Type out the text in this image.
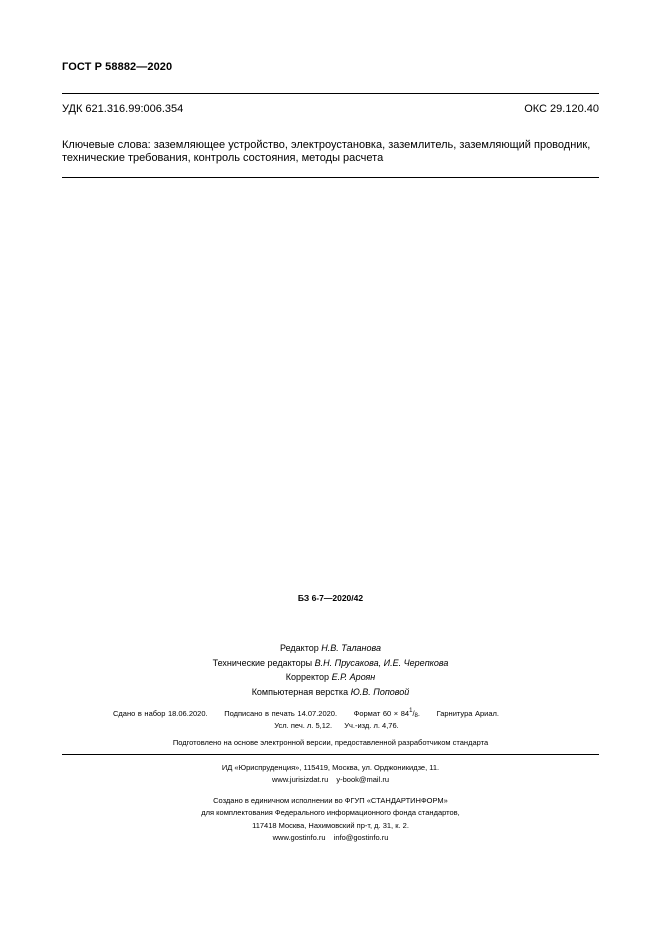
ГОСТ Р 58882—2020
УДК 621.316.99:006.354	ОКС 29.120.40
Ключевые слова: заземляющее устройство, электроустановка, заземлитель, заземляющий проводник, технические требования, контроль состояния, методы расчета
БЗ 6-7—2020/42
Редактор Н.В. Таланова
Технические редакторы В.Н. Прусакова, И.Е. Черепкова
Корректор Е.Р. Ароян
Компьютерная верстка Ю.В. Поповой
Сдано в набор 18.06.2020. Подписано в печать 14.07.2020. Формат $60 \times 84^1/_8$. Гарнитура Ариал.
Усл. печ. л. 5,12. Уч.-изд. л. 4,76.
Подготовлено на основе электронной версии, предоставленной разработчиком стандарта
ИД «Юриспруденция», 115419, Москва, ул. Орджоникидзе, 11.
www.jurisizdat.ru y-book@mail.ru
Создано в единичном исполнении во ФГУП «СТАНДАРТИНФОРМ»
для комплектования Федерального информационного фонда стандартов,
117418 Москва, Нахимовский пр-т, д. 31, к. 2.
www.gostinfo.ru info@gostinfo.ru
